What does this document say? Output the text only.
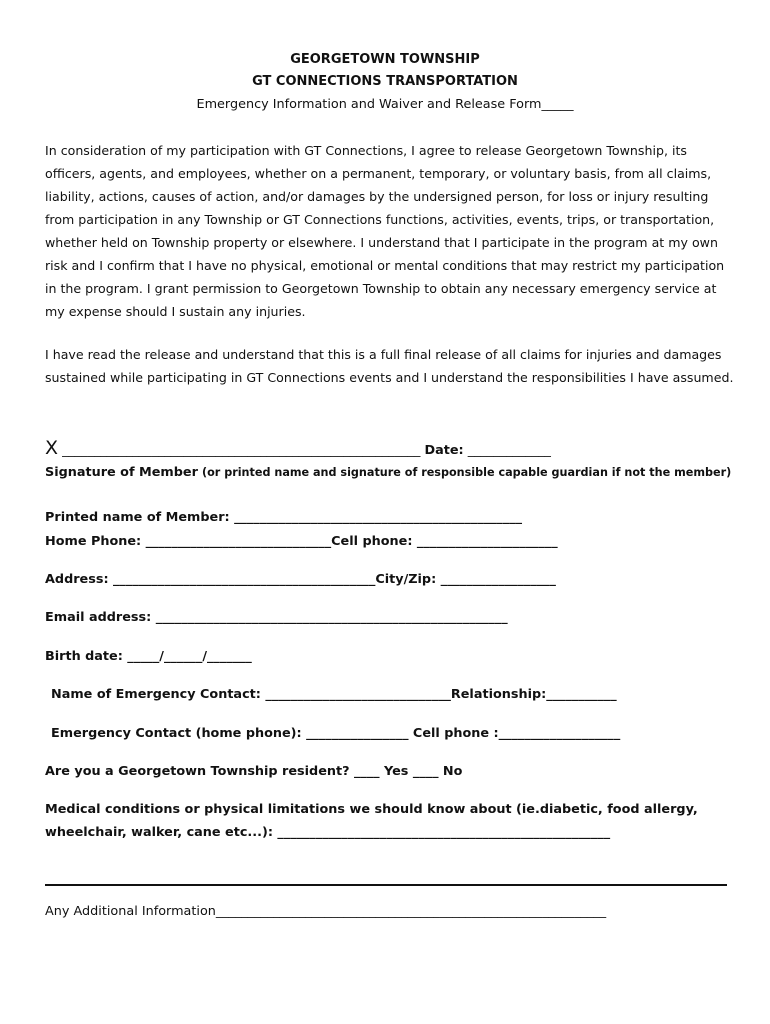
GEORGETOWN TOWNSHIP
GT CONNECTIONS TRANSPORTATION
Emergency Information and Waiver and Release Form_____

In consideration of my participation with GT Connections, I agree to release Georgetown Township, its officers, agents, and employees, whether on a permanent, temporary, or voluntary basis, from all claims, liability, actions, causes of action, and/or damages by the undersigned person, for loss or injury resulting from participation in any Township or GT Connections functions, activities, events, trips, or transportation, whether held on Township property or elsewhere. I understand that I participate in the program at my own risk and I confirm that I have no physical, emotional or mental conditions that may restrict my participation in the program. I grant permission to Georgetown Township to obtain any necessary emergency service at my expense should I sustain any injuries.

I have read the release and understand that this is a full final release of all claims for injuries and damages sustained while participating in GT Connections events and I understand the responsibilities I have assumed.

X ________________________________________________________ Date: _____________
Signature of Member (or printed name and signature of responsible capable guardian if not the member)
Printed name of Member: _____________________________________________
Home Phone: _____________________________Cell phone: ______________________
Address: _________________________________________City/Zip: __________________
Email address: _______________________________________________________
Birth date: _____/______/_______
Name of Emergency Contact: _____________________________Relationship:___________
Emergency Contact (home phone): ________________ Cell phone :___________________
Are you a Georgetown Township resident? ____ Yes ____ No
Medical conditions or physical limitations we should know about (ie.diabetic, food allergy,
wheelchair, walker, cane etc...): ____________________________________________________
Any Additional Information_____________________________________________________________
